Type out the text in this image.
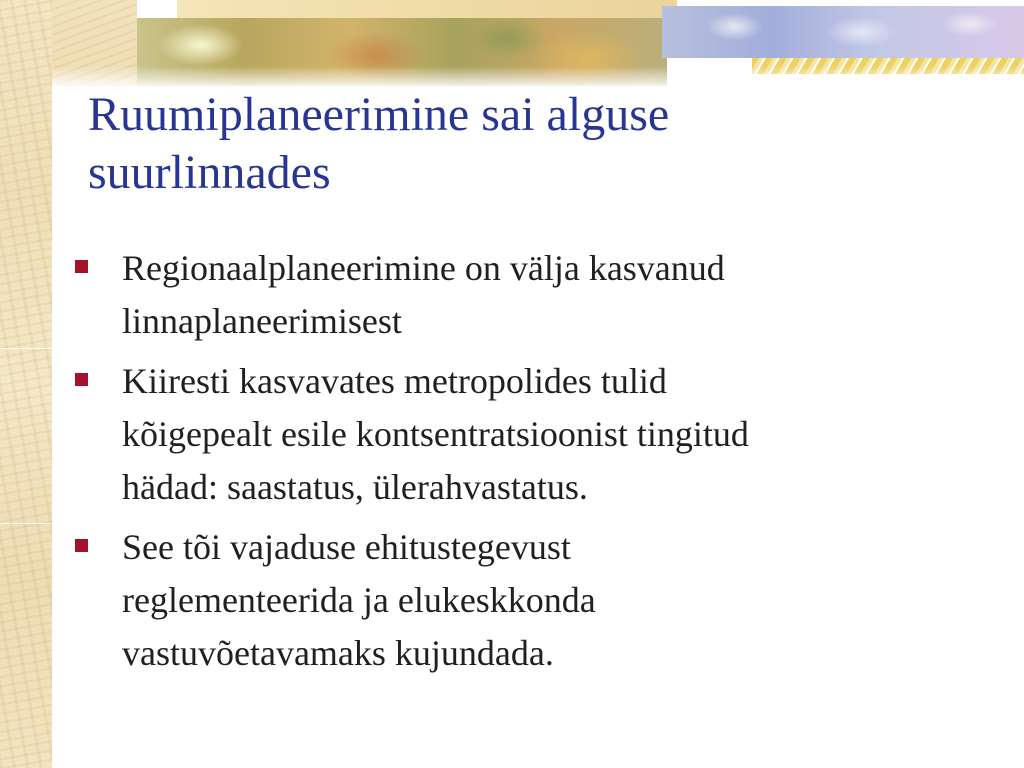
Ruumiplaneerimine sai alguse
suurlinnades
Regionaalplaneerimine on välja kasvanud
linnaplaneerimisest
Kiiresti kasvavates metropolides tulid
kõigepealt esile kontsentratsioonist tingitud
hädad: saastatus, ülerahvastatus.
See tõi vajaduse ehitustegevust
reglementeerida ja elukeskkonda
vastuvõetavamaks kujundada.
